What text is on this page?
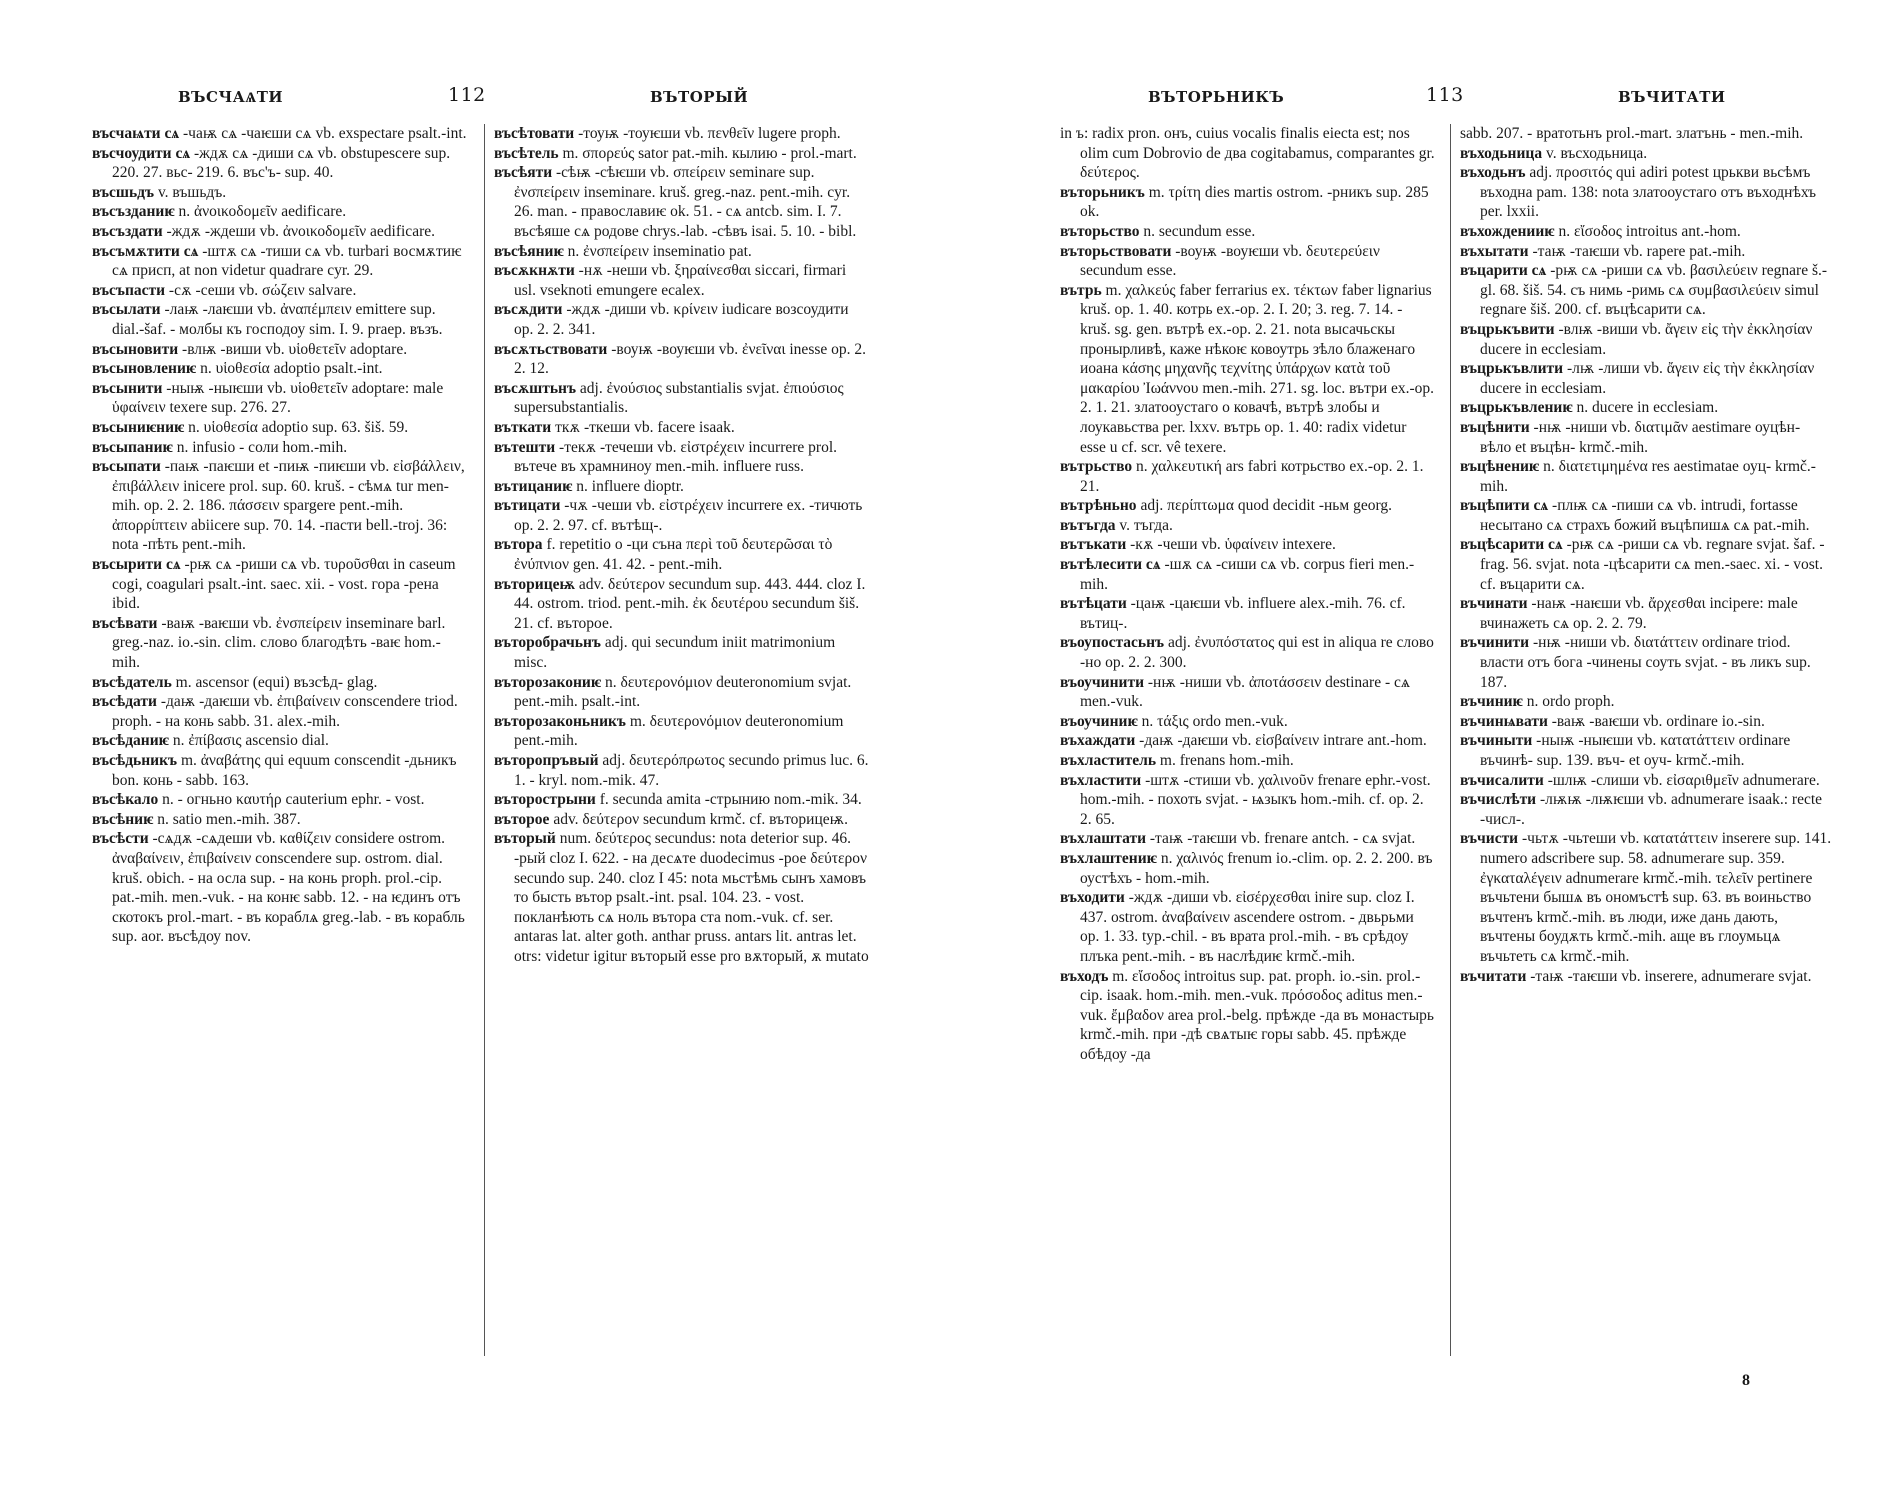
ВЪСЧАѦТИ	112	ВЪТОРЫЙ

въсчаѩти сѧ -чаѭ сѧ -чаѥши сѧ vb. exspectare psalt.-int.

въсчоудити сѧ -ждѫ сѧ -диши сѧ vb. obstupescere sup. 220. 27. вьс- 219. 6. въс'ъ- sup. 40.

въсшьдъ v. въшьдъ.

въсъзданиѥ n. ἀνοικοδομεῖν aedificare.

въсъздати -ждѫ -ждеши vb. ἀνοικοδομεῖν aedificare.

въсъмѫтити сѧ -штѫ сѧ -тиши сѧ vb. turbari восмѫтиѥ сѧ присп, at non videtur quadrare cyr. 29.

въсъпасти -сѫ -сеши vb. σώζειν salvare.

въсылати -лаѭ -лаѥши vb. ἀναπέμπειν emittere sup. dial.-šaf. - молбы къ господоу sim. I. 9. praep. възъ.

въсыновити -влѭ -виши vb. υἱοθετεῖν adoptare.

въсыновлениѥ n. υἱοθεσία adoptio psalt.-int.

въсынити -ныѭ -ныѥши vb. υἱοθετεῖν adoptare: male ὑφαίνειν texere sup. 276. 27.

въсыниѥниѥ n. υἱοθεσία adoptio sup. 63. šiš. 59.

въсыпаниѥ n. infusio - соли hom.-mih.

въсыпати -паѭ -паѥши et -пиѭ -пиѥши vb. εἰσβάλλειν, ἐπιβάλλειν inicere prol. sup. 60. kruš. - сѣмѧ tur men-mih. op. 2. 2. 186. πάσσειν spargere pent.-mih. ἀπορρίπτειν abiicere sup. 70. 14. -пасти bell.-troj. 36: nota -пѣть pent.-mih.

въсырити сѧ -рѭ сѧ -риши сѧ vb. τυροῦσθαι in caseum cogi, coagulari psalt.-int. saec. xii. - vost. гора -рена ibid.

въсѣвати -ваѭ -ваѥши vb. ἐνσπείρειν inseminare barl. greg.-naz. io.-sin. clim. слово благодѣть -ваѥ hom.-mih.

въсѣдатель m. ascensor (equi) възсѣд- glag.

въсѣдати -даѭ -даѥши vb. ἐπιβαίνειν conscendere triod. proph. - на конь sabb. 31. alex.-mih.

въсѣданиѥ n. ἐπίβασις ascensio dial.

въсѣдьникъ m. ἀναβάτης qui equum conscendit -дьникъ bon. конь - sabb. 163.

въсѣкало n. - огньно καυτήρ cauterium ephr. - vost.

въсѣниѥ n. satio men.-mih. 387.

въсѣсти -сѧдѫ -сѧдеши vb. καθίζειν considere ostrom. ἀναβαίνειν, ἐπιβαίνειν conscendere sup. ostrom. dial. kruš. obich. - на осла sup. - на конь proph. prol.-cip. pat.-mih. men.-vuk. - на конѥ sabb. 12. - на ѥдинъ отъ скотокъ prol.-mart. - въ кораблѧ greg.-lab. - въ корабль sup. aor. въсѣдоу nov.

въсѣтовати -тоуѭ -тоуѥши vb. πενθεῖν lugere proph.

въсѣтель m. σπορεύς sator pat.-mih. кылию - prol.-mart.

въсѣяти -сѣѭ -сѣѥши vb. σπείρειν seminare sup. ἐνσπείρειν inseminare. kruš. greg.-naz. pent.-mih. cyr. 26. man. - правоcлавиѥ ok. 51. - сѧ antcb. sim. I. 7. въсѣяше сѧ родове chrys.-lab. -сѣвъ isai. 5. 10. - bibl.

въсѣяниѥ n. ἐνσπείρειν inseminatio pat.

въсѫкнѫти -нѫ -неши vb. ξηραίνεσθαι siccari, firmari usl. vseknoti emungere ecalex.

въсѫдити -ждѫ -диши vb. κρίνειν iudicare возсоудити op. 2. 2. 341.

въсѫтьствовати -воуѭ -воуѥши vb. ἐνεῖναι inesse op. 2. 2. 12.

въсѫштьнъ adj. ἐνούσιος substantialis svjat. ἐπιούσιος supersubstantialis.

въткати ткѫ -ткеши vb. facere isaak.

вътешти -текѫ -течеши vb. εἰστρέχειν incurrere prol. вътече въ храмниноу men.-mih. influere russ.

вътицаниѥ n. influere dioptr.

вътицати -чѫ -чеши vb. εἰστρέχειν incurrere ex. -тичють op. 2. 2. 97. cf. вътѣщ-.

вътора f. repetitio о -ци съна περὶ τοῦ δευτερῶσαι τὸ ἐνύπνιον gen. 41. 42. - pent.-mih.

въторицеѭ adv. δεύτερον secundum sup. 443. 444. cloz I. 44. ostrom. triod. pent.-mih. ἐκ δευτέρου secundum šiš. 21. cf. въторое.

въторобрачьнъ adj. qui secundum iniit matrimonium misc.

въторозакониѥ n. δευτερονόμιον deuteronomium svjat. pent.-mih. psalt.-int.

въторозаконьникъ m. δευτερονόμιον deuteronomium pent.-mih.

въторопръвый adj. δευτερόπρωτος secundo primus luc. 6. 1. - kryl. nom.-mik. 47.

въторострыни f. secunda amita -стрынию nom.-mik. 34.

въторое adv. δεύτερον secundum krmč. cf. въторицеѭ.

въторый num. δεύτερος secundus: nota deterior sup. 46. -рый cloz I. 622. - на десѧте duodecimus -рое δεύτερον secundo sup. 240. cloz I 45: nota мьстѣмь сынъ хамовъ то бысть вътор psalt.-int. psal. 104. 23. - vost. покланѣють сѧ ноль въторa ста nom.-vuk. cf. ser. antaras lat. alter goth. anthar pruss. antars lit. antras let. otrs: videtur igitur въторый esse pro вѫторый, ѫ mutato

ВЪТОРЬНИКЪ	113	ВЪЧИТАТИ

in ъ: radix pron. онъ, cuius vocalis finalis eiecta est; nos olim cum Dobrovio de два cogitabamus, comparantes gr. δεύτερος.

въторьникъ m. τρίτη dies martis ostrom. -рникъ sup. 285 ok.

въторьство n. secundum esse.

въторьствовати -воуѭ -воуѥши vb. δευτερεύειν secundum esse.

вътрь m. χαλκεύς faber ferrarius ex. τέκτων faber lignarius kruš. op. 1. 40. котрь ex.-op. 2. I. 20; 3. reg. 7. 14. - kruš. sg. gen. вътрѣ ex.-op. 2. 21. nota высачьскы пронырливѣ, каже нѣкоѥ ковоутрь зѣло блаженаго иоана κάσης μηχανῆς τεχνίτης ὑπάρχων κατὰ τοῦ μακαρίου Ἰωάννου men.-mih. 271. sg. loc. вътри ex.-op. 2. 1. 21. златооустаго о ковачѣ, вътрѣ злобы и лоукавьства per. lxxv. вътрь op. 1. 40: radix videtur esse u cf. scr. vê texere.

вътрьство n. χαλκευτική ars fabri котрьство ex.-op. 2. 1. 21.

вътрѣньно adj. περίπτωμα quod decidit -ньм georg.

вътъгда v. тъгда.

вътъкати -кѫ -чеши vb. ὑφαίνειν intexere.

вътѣлесити сѧ -шѫ сѧ -сиши сѧ vb. corpus fieri men.-mih.

вътѣцати -цаѭ -цаѥши vb. influere alex.-mih. 76. cf. вътиц-.

въоупостасьнъ adj. ἐνυπόστατος qui est in aliqua re слово -но op. 2. 2. 300.

въоучинити -нѭ -ниши vb. ἀποτάσσειν destinare - сѧ men.-vuk.

въоучиниѥ n. τάξις ordo men.-vuk.

въхаждати -даѭ -даѥши vb. εἰσβαίνειν intrare ant.-hom.

въхластитель m. frenans hom.-mih.

въхластити -штѫ -стиши vb. χαλινοῦν frenare ephr.-vost. hom.-mih. - похоть svjat. - ѩзыкъ hom.-mih. cf. op. 2. 2. 65.

въхлаштати -таѭ -таѥши vb. frenare antch. - сѧ svjat.

въхлаштениѥ n. χαλινός frenum io.-clim. op. 2. 2. 200. въ оустѣхъ - hom.-mih.

въходити -ждѫ -диши vb. εἰσέρχεσθαι inire sup. cloz I. 437. ostrom. ἀναβαίνειν ascendere ostrom. - двьрьми op. 1. 33. typ.-chil. - въ врата prol.-mih. - въ срѣдоу плъка pent.-mih. - въ наслѣдиѥ krmč.-mih.

въходъ m. εἴσοδος introitus sup. pat. proph. io.-sin. prol.-cip. isaak. hom.-mih. men.-vuk. πρόσοδος aditus men.-vuk. ἔμβαδον area prol.-belg. прѣжде -да въ монастырь krmč.-mih. при -дѣ свѧтыѥ горы sabb. 45. прѣжде обѣдоу -да

sabb. 207. - вратотьнъ prol.-mart. златънь - men.-mih.

въходьница v. въсходьница.

въходьнъ adj. προσιτός qui adiri potest црькви вьсѣмъ въходна pam. 138: nota златооустаго отъ въходнѣхъ per. lxxii.

въхожденииѥ n. εἴσοδος introitus ant.-hom.

въхытати -таѭ -таѥши vb. rapere pat.-mih.

въцарити сѧ -рѭ сѧ -риши сѧ vb. βασιλεύειν regnare š.-gl. 68. šiš. 54. съ нимь -римь сѧ συμβασιλεύειν simul regnare šiš. 200. cf. въцѣсарити сѧ.

въцрькъвити -влѭ -виши vb. ἄγειν εἰς τὴν ἐκκλησίαν ducere in ecclesiam.

въцрькъвлити -лѭ -лиши vb. ἄγειν εἰς τὴν ἐκκλησίαν ducere in ecclesiam.

въцрькъвлениѥ n. ducere in ecclesiam.

въцѣнити -нѭ -ниши vb. διατιμᾶν aestimare оуцѣн- вѣло et въцѣн- krmč.-mih.

въцѣнениѥ n. διατετιμημένα res aestimatae оуц- krmč.-mih.

въцѣпити сѧ -плѭ сѧ -пиши сѧ vb. intrudi, fortasse несытано сѧ страхъ божий въцѣпишѧ сѧ pat.-mih.

въцѣсарити сѧ -рѭ сѧ -риши сѧ vb. regnare svjat. šaf. - frag. 56. svjat. nota -цѣсарити сѧ men.-saec. xi. - vost. cf. въцарити сѧ.

въчинати -наѭ -наѥши vb. ἄρχεσθαι incipere: male вчинажеть сѧ op. 2. 2. 79.

въчинити -нѭ -ниши vb. διατάττειν ordinare triod. власти отъ бога -чинены соуть svjat. - въ ликъ sup. 187.

въчиниѥ n. ordo proph.

въчинѩвати -ваѭ -ваѥши vb. ordinare io.-sin.

въчиныти -ныѭ -ныѥши vb. κατατάττειν ordinare въчинѣ- sup. 139. въч- et оуч- krmč.-mih.

въчисалити -шлѭ -слиши vb. εἰσαριθμεῖν adnumerare.

въчислѣти -лѭѭ -лѭѥши vb. adnumerare isaak.: recte -числ-.

въчисти -чьтѫ -чьтеши vb. κατατάττειν inserere sup. 141. numero adscribere sup. 58. adnumerare sup. 359. ἐγκαταλέγειν adnumerare krmč.-mih. τελεῖν pertinere въчьтени бышѧ въ ономъстѣ sup. 63. въ воиньство въчтенъ krmč.-mih. въ люди, иже дань дають, въчтены боудѫть krmč.-mih. аще въ глоумьцѧ въчьтеть сѧ krmč.-mih.

въчитати -таѭ -таѥши vb. inserere, adnumerare svjat.

8
